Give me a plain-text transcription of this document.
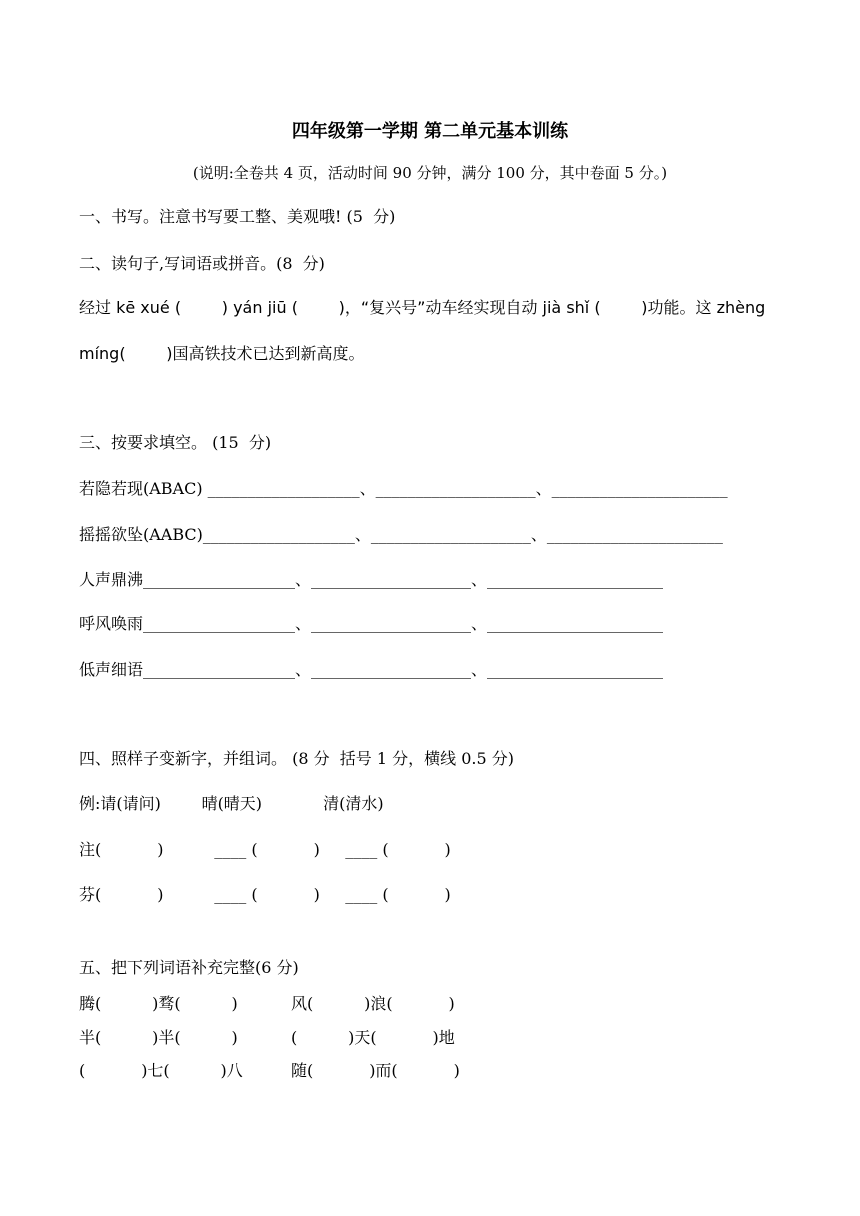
四年级第一学期 第二单元基本训练
(说明:全卷共 4 页，活动时间 90 分钟，满分 100 分，其中卷面 5 分。)
一、书写。注意书写要工整、美观哦! (5  分)
二、读句子,写词语或拼音。(8  分)
经过 kē xué (        ) yán jiū (        )，“复兴号”动车经实现自动 jià shǐ (        )功能。这 zhèng
míng(        )国高铁技术已达到新高度。
三、按要求填空。 (15  分)
若隐若现(ABAC) ___________________、____________________、______________________
摇摇欲坠(AABC)___________________、____________________、______________________
人声鼎沸___________________、____________________、______________________
呼风唤雨___________________、____________________、______________________
低声细语___________________、____________________、______________________
四、照样子变新字，并组词。 (8 分  括号 1 分，横线 0.5 分)
例:请(请问)        晴(晴天)            清(清水)
注(           )          ____ (           )     ____ (           )
芬(           )          ____ (           )     ____ (           )
五、把下列词语补充完整(6 分)
腾(          )骛(          )	风(          )浪(           )
半(          )半(          )	(          )天(           )地
(           )七(          )八	随(           )而(           )
